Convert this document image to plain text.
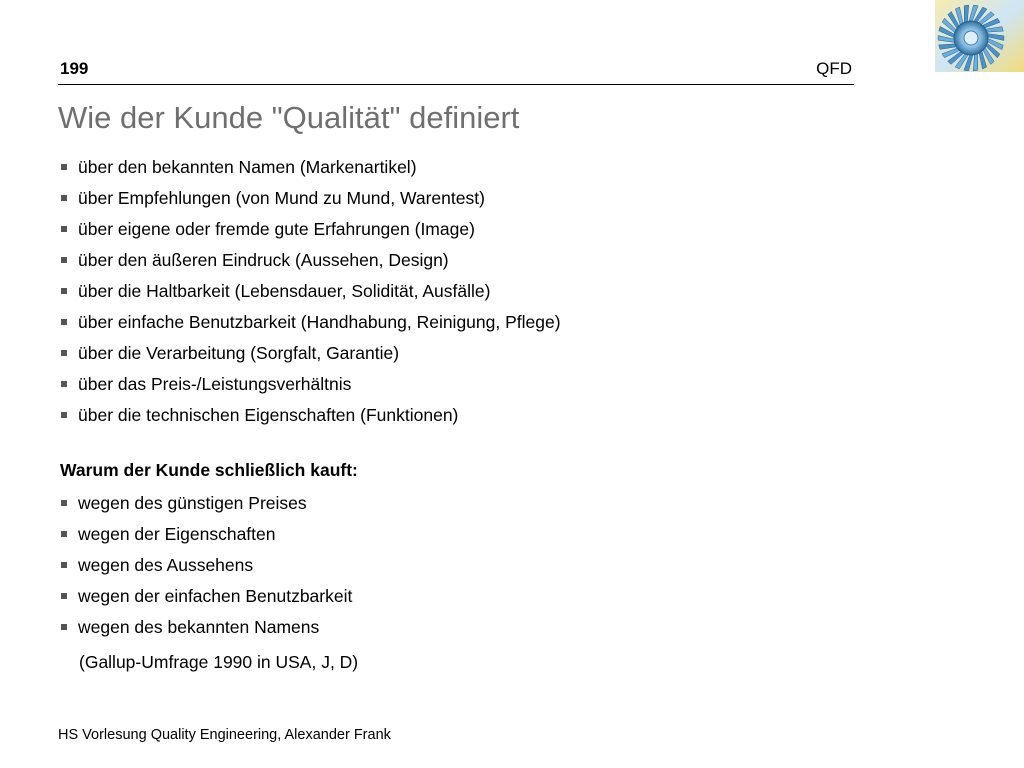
199	QFD
Wie der Kunde "Qualität" definiert
über den bekannten Namen (Markenartikel)
über Empfehlungen (von Mund zu Mund, Warentest)
über eigene oder fremde gute Erfahrungen (Image)
über den äußeren Eindruck (Aussehen, Design)
über die Haltbarkeit (Lebensdauer, Solidität, Ausfälle)
über einfache Benutzbarkeit (Handhabung, Reinigung, Pflege)
über die Verarbeitung (Sorgfalt, Garantie)
über das Preis-/Leistungsverhältnis
über die technischen Eigenschaften (Funktionen)
Warum der Kunde schließlich kauft:
wegen des günstigen Preises
wegen der Eigenschaften
wegen des Aussehens
wegen der einfachen Benutzbarkeit
wegen des bekannten Namens
(Gallup-Umfrage 1990 in USA, J, D)
HS Vorlesung Quality Engineering, Alexander Frank
